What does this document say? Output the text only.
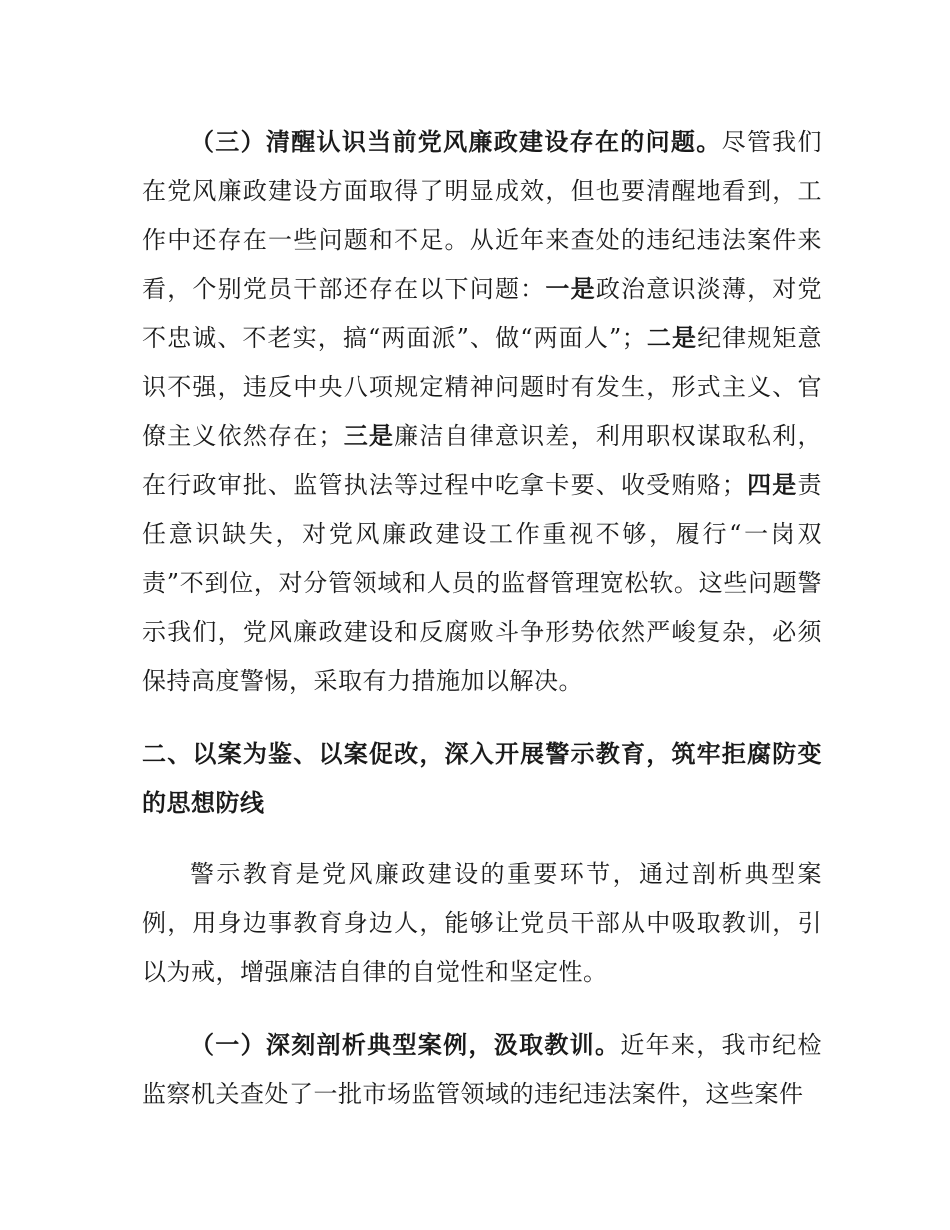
（三）清醒认识当前党风廉政建设存在的问题。尽管我们在党风廉政建设方面取得了明显成效，但也要清醒地看到，工作中还存在一些问题和不足。从近年来查处的违纪违法案件来看，个别党员干部还存在以下问题：一是政治意识淡薄，对党不忠诚、不老实，搞“两面派”、做“两面人”；二是纪律规矩意识不强，违反中央八项规定精神问题时有发生，形式主义、官僚主义依然存在；三是廉洁自律意识差，利用职权谋取私利，在行政审批、监管执法等过程中吃拿卡要、收受贿赂；四是责任意识缺失，对党风廉政建设工作重视不够，履行“一岗双责”不到位，对分管领域和人员的监督管理宽松软。这些问题警示我们，党风廉政建设和反腐败斗争形势依然严峻复杂，必须保持高度警惕，采取有力措施加以解决。

二、以案为鉴、以案促改，深入开展警示教育，筑牢拒腐防变的思想防线

警示教育是党风廉政建设的重要环节，通过剖析典型案例，用身边事教育身边人，能够让党员干部从中吸取教训，引以为戒，增强廉洁自律的自觉性和坚定性。

（一）深刻剖析典型案例，汲取教训。近年来，我市纪检监察机关查处了一批市场监管领域的违纪违法案件，这些案件
